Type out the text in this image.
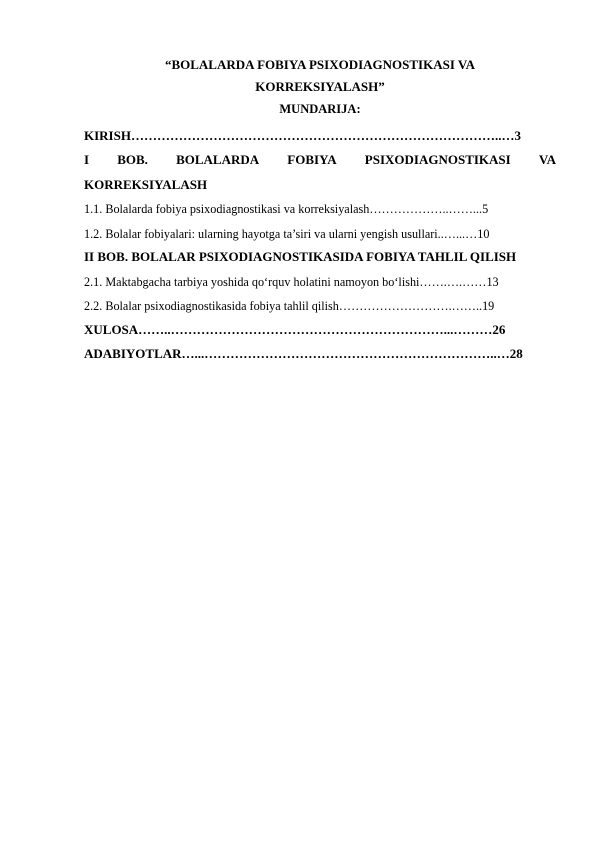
“BOLALARDA FOBIYA PSIXODIAGNOSTIKASI VA
KORREKSIYALASH”
MUNDARIJA:
KIRISH…………………………………………………………………………..…3
I BOB. BOLALARDA FOBIYA PSIXODIAGNOSTIKASI VA
KORREKSIYALASH
1.1. Bolalarda fobiya psixodiagnostikasi va korreksiyalash………………..……...5
1.2. Bolalar fobiyalari: ularning hayotga ta’siri va ularni yengish usullari..…...…10
II BOB. BOLALAR PSIXODIAGNOSTIKASIDA FOBIYA TAHLIL QILISH
2.1. Maktabgacha tarbiya yoshida qo‘rquv holatini namoyon bo‘lishi…….….……13
2.2. Bolalar psixodiagnostikasida fobiya tahlil qilish……………………….……..19
XULOSA……..………………………………………………………...………26
ADABIYOTLAR…...…………………………………………………………..…28
